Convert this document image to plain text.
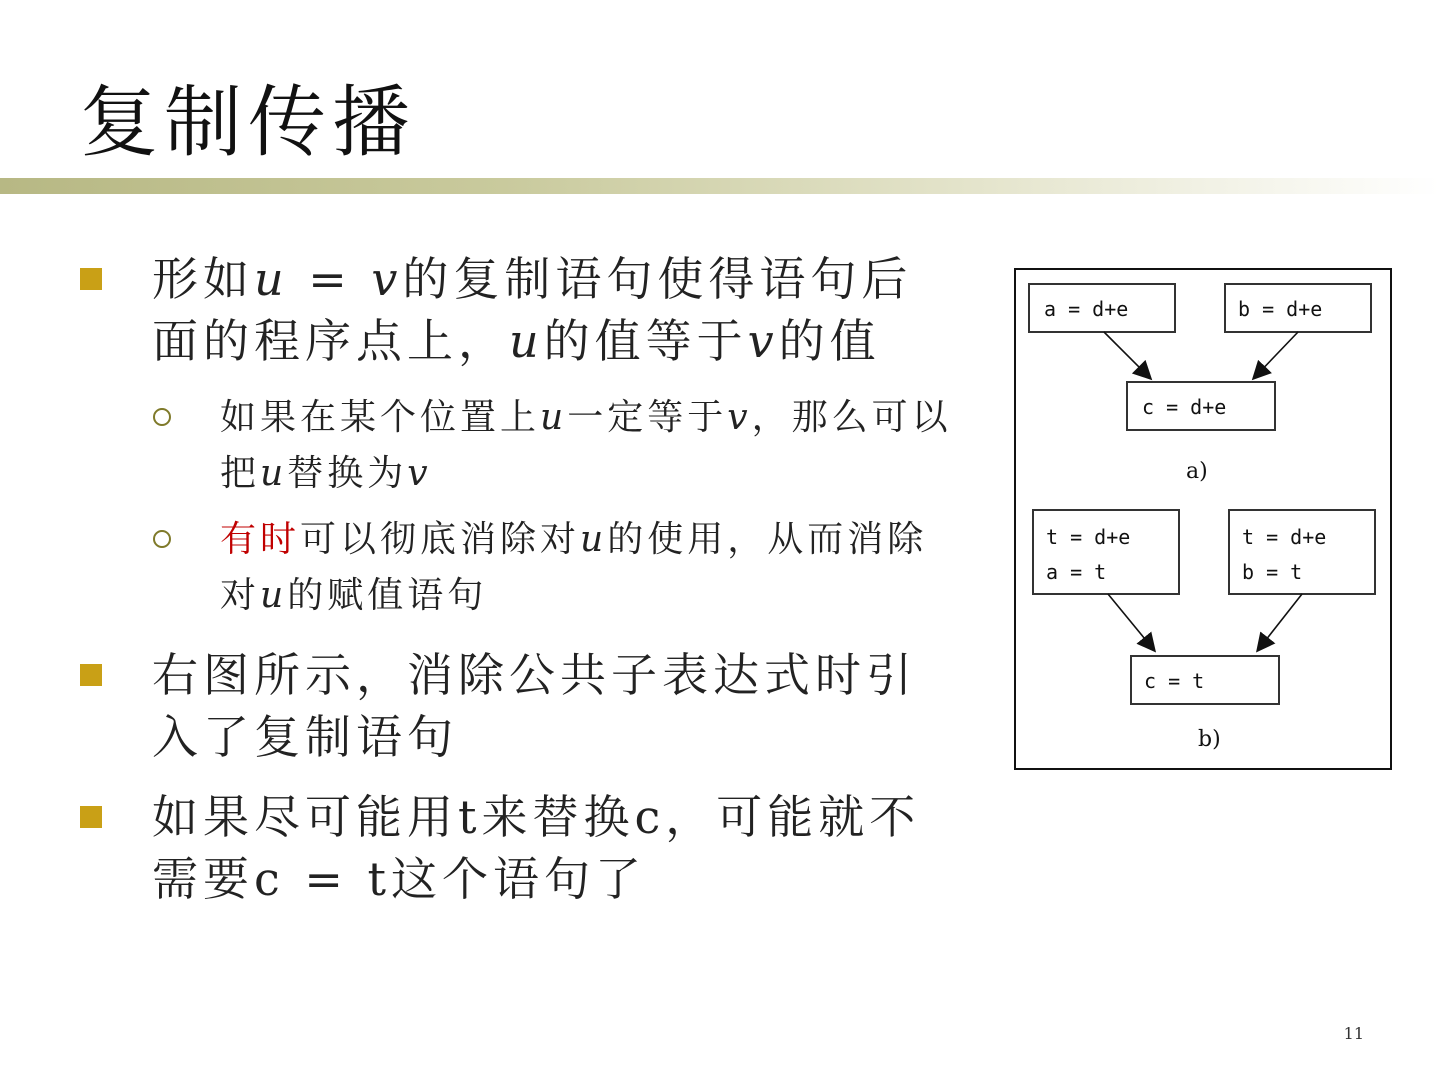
复制传播
形如u = v的复制语句使得语句后面的程序点上，u的值等于v的值
如果在某个位置上u一定等于v，那么可以把u替换为v
有时可以彻底消除对u的使用，从而消除对u的赋值语句
右图所示，消除公共子表达式时引入了复制语句
如果尽可能用t来替换c，可能就不需要c = t这个语句了
a = d+e	b = d+e
c = d+e
a)
t = d+e
a = t
t = d+e
b = t
c = t
b)
11
